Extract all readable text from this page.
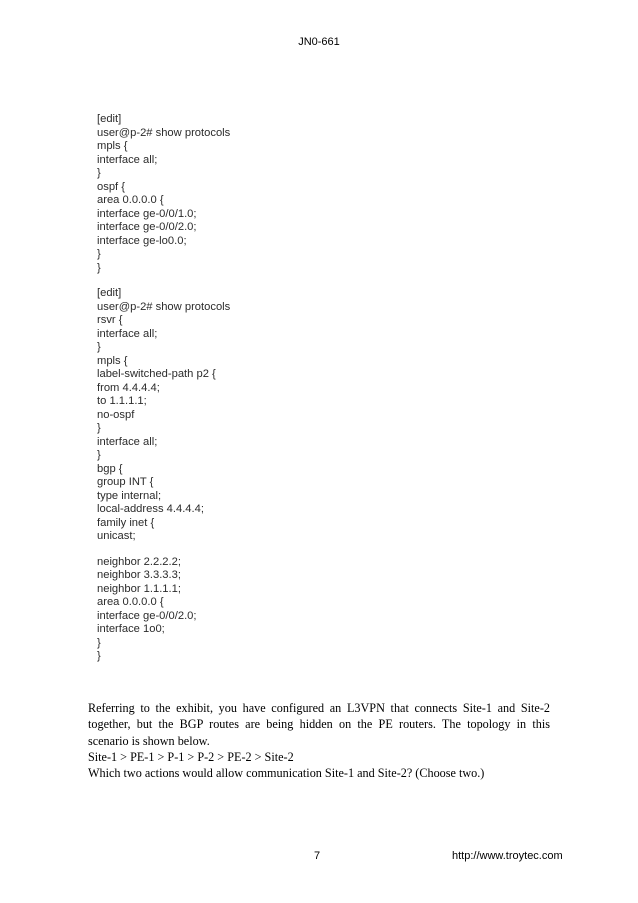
JN0-661
[edit]
user@p-2# show protocols
mpls {
interface all;
}
ospf {
area 0.0.0.0 {
interface ge-0/0/1.0;
interface ge-0/0/2.0;
interface ge-lo0.0;
}
}
[edit]
user@p-2# show protocols
rsvr {
interface all;
}
mpls {
label-switched-path p2 {
from 4.4.4.4;
to 1.1.1.1;
no-ospf
}
interface all;
}
bgp {
group INT {
type internal;
local-address 4.4.4.4;
family inet {
unicast;
neighbor 2.2.2.2;
neighbor 3.3.3.3;
neighbor 1.1.1.1;
area 0.0.0.0 {
interface ge-0/0/2.0;
interface 1o0;
}
}
Referring to the exhibit, you have configured an L3VPN that connects Site-1 and Site-2
together, but the BGP routes are being hidden on the PE routers. The topology in this
scenario is shown below.
Site-1 > PE-1 > P-1 > P-2 > PE-2 > Site-2
Which two actions would allow communication Site-1 and Site-2? (Choose two.)
7	http://www.troytec.com
